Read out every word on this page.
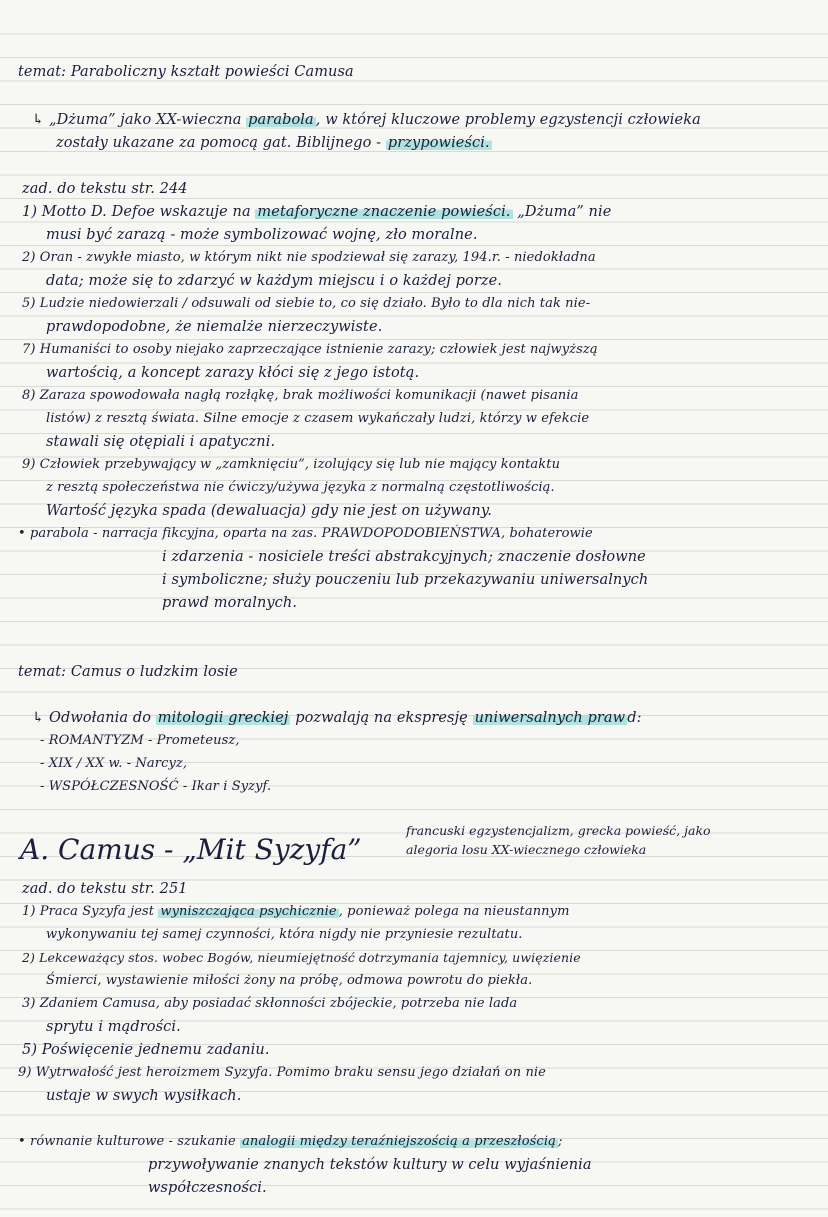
temat: Paraboliczny kształt powieści Camusa
↳ „Dżuma” jako XX-wieczna parabola , w której kluczowe problemy egzystencji człowieka
zostały ukazane za pomocą gat. Biblijnego - przypowieści.
zad. do tekstu str. 244
1) Motto D. Defoe wskazuje na metaforyczne znaczenie powieści. „Dżuma” nie
musi być zarazą - może symbolizować wojnę, zło moralne.
2) Oran - zwykłe miasto, w którym nikt nie spodziewał się zarazy, 194.r. - niedokładna
data; może się to zdarzyć w każdym miejscu i o każdej porze.
5) Ludzie niedowierzali / odsuwali od siebie to, co się działo. Było to dla nich tak nie-
prawdopodobne, że niemalże nierzeczywiste.
7) Humaniści to osoby niejako zaprzeczające istnienie zarazy; człowiek jest najwyższą
wartością, a koncept zarazy kłóci się z jego istotą.
8) Zaraza spowodowała nagłą rozłąkę, brak możliwości komunikacji (nawet pisania
listów) z resztą świata. Silne emocje z czasem wykańczały ludzi, którzy w efekcie
stawali się otępiali i apatyczni.
9) Człowiek przebywający w „zamknięciu”, izolujący się lub nie mający kontaktu
z resztą społeczeństwa nie ćwiczy/używa języka z normalną częstotliwością.
Wartość języka spada (dewaluacja) gdy nie jest on używany.
• parabola - narracja fikcyjna, oparta na zas. PRAWDOPODOBIEŃSTWA, bohaterowie
i zdarzenia - nosiciele treści abstrakcyjnych; znaczenie dosłowne
i symboliczne; służy pouczeniu lub przekazywaniu uniwersalnych
prawd moralnych.
temat: Camus o ludzkim losie
↳ Odwołania do mitologii greckiej pozwalają na ekspresję uniwersalnych praw d:
- ROMANTYZM - Prometeusz,
- XIX / XX w. - Narcyz,
- WSPÓŁCZESNOŚĆ - Ikar i Syzyf.
A. Camus - „Mit Syzyfa”
francuski egzystencjalizm, grecka powieść, jako
alegoria losu XX-wiecznego człowieka
zad. do tekstu str. 251
1) Praca Syzyfa jest wyniszczająca psychicznie , ponieważ polega na nieustannym
wykonywaniu tej samej czynności, która nigdy nie przyniesie rezultatu.
2) Lekceważący stos. wobec Bogów, nieumiejętność dotrzymania tajemnicy, uwięzienie
Śmierci, wystawienie miłości żony na próbę, odmowa powrotu do piekła.
3) Zdaniem Camusa, aby posiadać skłonności zbójeckie, potrzeba nie lada
sprytu i mądrości.
5) Poświęcenie jednemu zadaniu.
9) Wytrwałość jest heroizmem Syzyfa. Pomimo braku sensu jego działań on nie
ustaje w swych wysiłkach.
• równanie kulturowe - szukanie analogii między teraźniejszością a przeszłością ;
przywoływanie znanych tekstów kultury w celu wyjaśnienia
współczesności.
